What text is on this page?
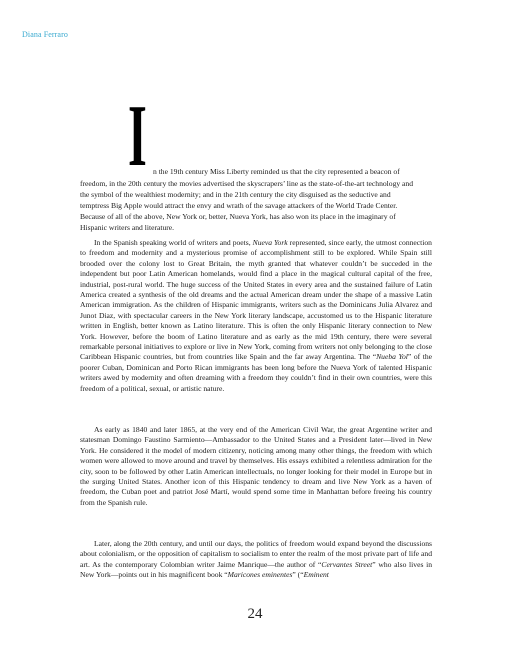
Diana Ferraro
I n the 19th century Miss Liberty reminded us that the city represented a beacon of
freedom, in the 20th century the movies advertised the skyscrapers’ line as the state-of-the-art technology and
the symbol of the wealthiest modernity; and in the 21th century the city disguised as the seductive and
temptress Big Apple would attract the envy and wrath of the savage attackers of the World Trade Center.
Because of all of the above, New York or, better, Nueva York, has also won its place in the imaginary of
Hispanic writers and literature.

In the Spanish speaking world of writers and poets, Nueva York represented, since early, the utmost connection to freedom and modernity and a mysterious promise of accomplishment still to be explored. While Spain still brooded over the colony lost to Great Britain, the myth granted that whatever couldn’t be succeded in the independent but poor Latin American homelands, would find a place in the magical cultural capital of the free, industrial, post-rural world. The huge success of the United States in every area and the sustained failure of Latin America created a synthesis of the old dreams and the actual American dream under the shape of a massive Latin American immigration. As the children of Hispanic immigrants, writers such as the Dominicans Julia Alvarez and Junot Diaz, with spectacular careers in the New York literary landscape, accustomed us to the Hispanic literature written in English, better known as Latino literature. This is often the only Hispanic literary connection to New York. However, before the boom of Latino literature and as early as the mid 19th century, there were several remarkable personal initiatives to explore or live in New York, coming from writers not only belonging to the close Caribbean Hispanic countries, but from countries like Spain and the far away Argentina. The “Nueba Yol” of the poorer Cuban, Dominican and Porto Rican immigrants has been long before the Nueva York of talented Hispanic writers awed by modernity and often dreaming with a freedom they couldn’t find in their own countries, were this freedom of a political, sexual, or artistic nature.

As early as 1840 and later 1865, at the very end of the American Civil War, the great Argentine writer and statesman Domingo Faustino Sarmiento—Ambassador to the United States and a President later—lived in New York. He considered it the model of modern citizenry, noticing among many other things, the freedom with which women were allowed to move around and travel by themselves. His essays exhibited a relentless admiration for the city, soon to be followed by other Latin American intellectuals, no longer looking for their model in Europe but in the surging United States. Another icon of this Hispanic tendency to dream and live New York as a haven of freedom, the Cuban poet and patriot José Martí, would spend some time in Manhattan before freeing his country from the Spanish rule.

Later, along the 20th century, and until our days, the politics of freedom would expand beyond the discussions about colonialism, or the opposition of capitalism to socialism to enter the realm of the most private part of life and art. As the contemporary Colombian writer Jaime Manrique—the author of “Cervantes Street” who also lives in New York—points out in his magnificent book “Maricones eminentes” (“Eminent

24
